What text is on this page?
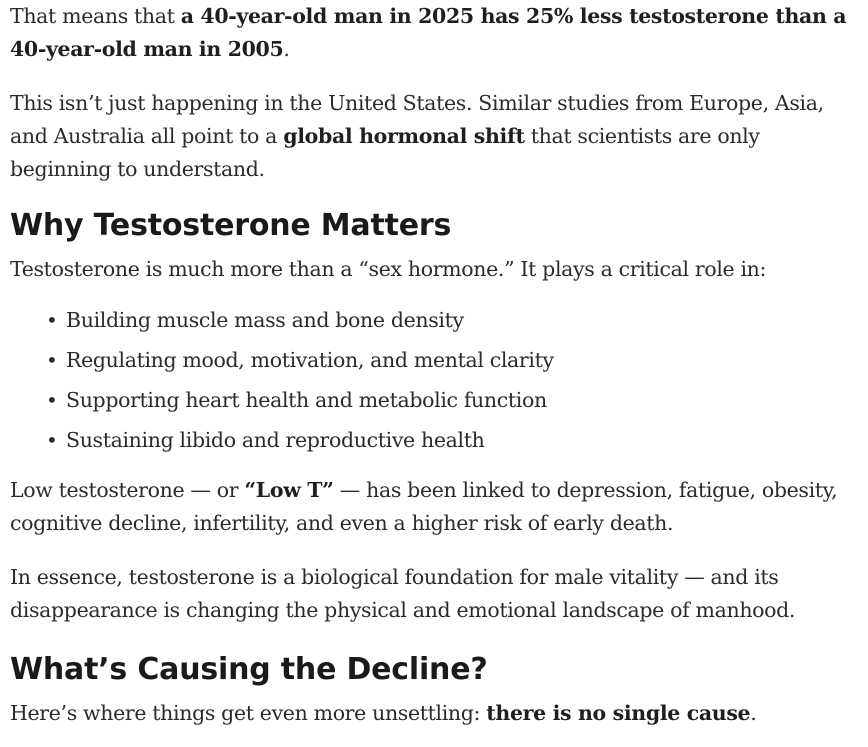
That means that a 40-year-old man in 2025 has 25% less testosterone than a 40-year-old man in 2005.

This isn’t just happening in the United States. Similar studies from Europe, Asia, and Australia all point to a global hormonal shift that scientists are only beginning to understand.

Why Testosterone Matters

Testosterone is much more than a “sex hormone.” It plays a critical role in:

• Building muscle mass and bone density
• Regulating mood, motivation, and mental clarity
• Supporting heart health and metabolic function
• Sustaining libido and reproductive health

Low testosterone — or “Low T” — has been linked to depression, fatigue, obesity, cognitive decline, infertility, and even a higher risk of early death.

In essence, testosterone is a biological foundation for male vitality — and its disappearance is changing the physical and emotional landscape of manhood.

What’s Causing the Decline?

Here’s where things get even more unsettling: there is no single cause.
